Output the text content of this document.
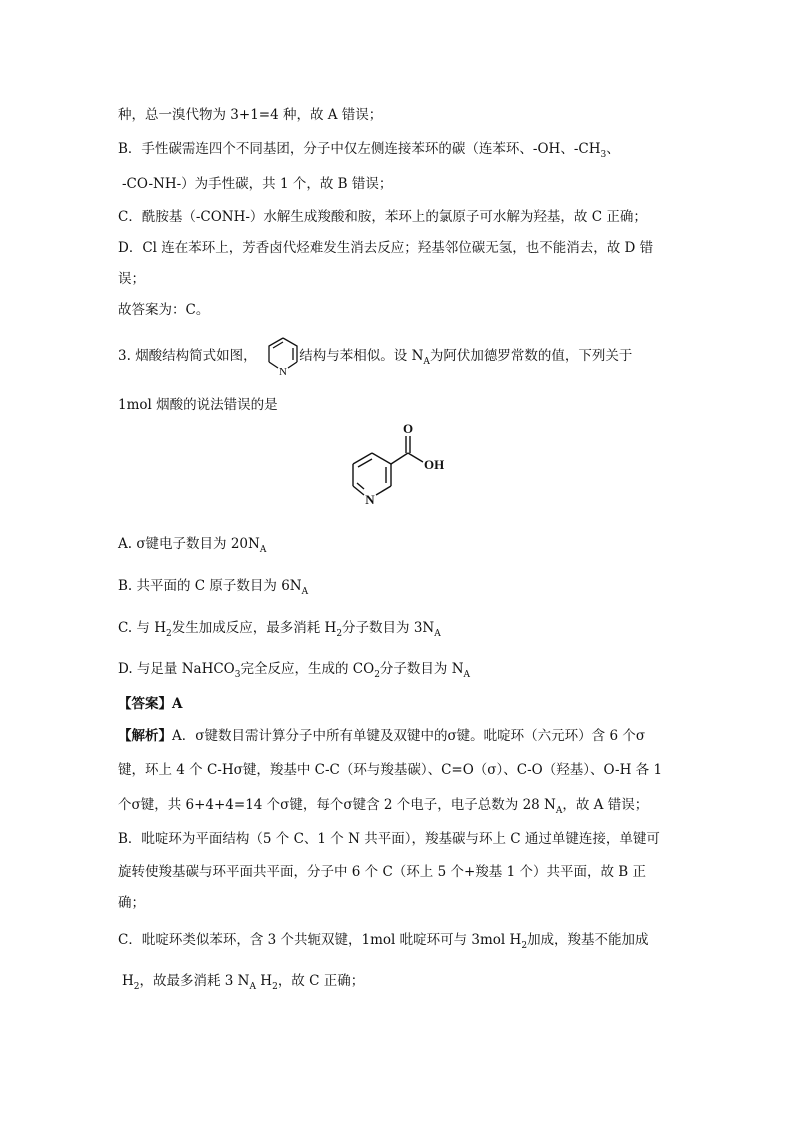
种，总一溴代物为 3+1=4 种，故 A 错误；
B．手性碳需连四个不同基团，分子中仅左侧连接苯环的碳（连苯环、-OH、$-CH_3$、
-CO-NH-）为手性碳，共 1 个，故 B 错误；
C．酰胺基（-CONH-）水解生成羧酸和胺，苯环上的氯原子可水解为羟基，故 C 正确；
D．Cl 连在苯环上，芳香卤代烃难发生消去反应；羟基邻位碳无氢，也不能消去，故 D 错
误；
故答案为：C。
3. 烟酸结构简式如图，	结构与苯相似。设 $N_A$为阿伏加德罗常数的值，下列关于
N
1mol 烟酸的说法错误的是
O
OH
N
A. σ键电子数目为 $20N_A$
B. 共平面的 C 原子数目为 $6N_A$
C. 与 $H_2$发生加成反应，最多消耗 $H_2$分子数目为 $3N_A$
D. 与足量 NaHCO$_3$完全反应，生成的 $CO_2$分子数目为 $N_A$
【答案】A
【解析】A．σ键数目需计算分子中所有单键及双键中的σ键。吡啶环（六元环）含 6 个σ
键，环上 4 个 C-Hσ键，羧基中 C-C（环与羧基碳）、C=O（σ）、C-O（羟基）、O-H 各 1
个σ键，共 6+4+4=14 个σ键，每个σ键含 2 个电子，电子总数为 28 $N_A$，故 A 错误；
B．吡啶环为平面结构（5 个 C、1 个 N 共平面），羧基碳与环上 C 通过单键连接，单键可
旋转使羧基碳与环平面共平面，分子中 6 个 C（环上 5 个+羧基 1 个）共平面，故 B 正
确；
C．吡啶环类似苯环，含 3 个共轭双键，1mol 吡啶环可与 3mol $H_2$加成，羧基不能加成
$H_2$，故最多消耗 3 $N_A$ $H_2$，故 C 正确；
